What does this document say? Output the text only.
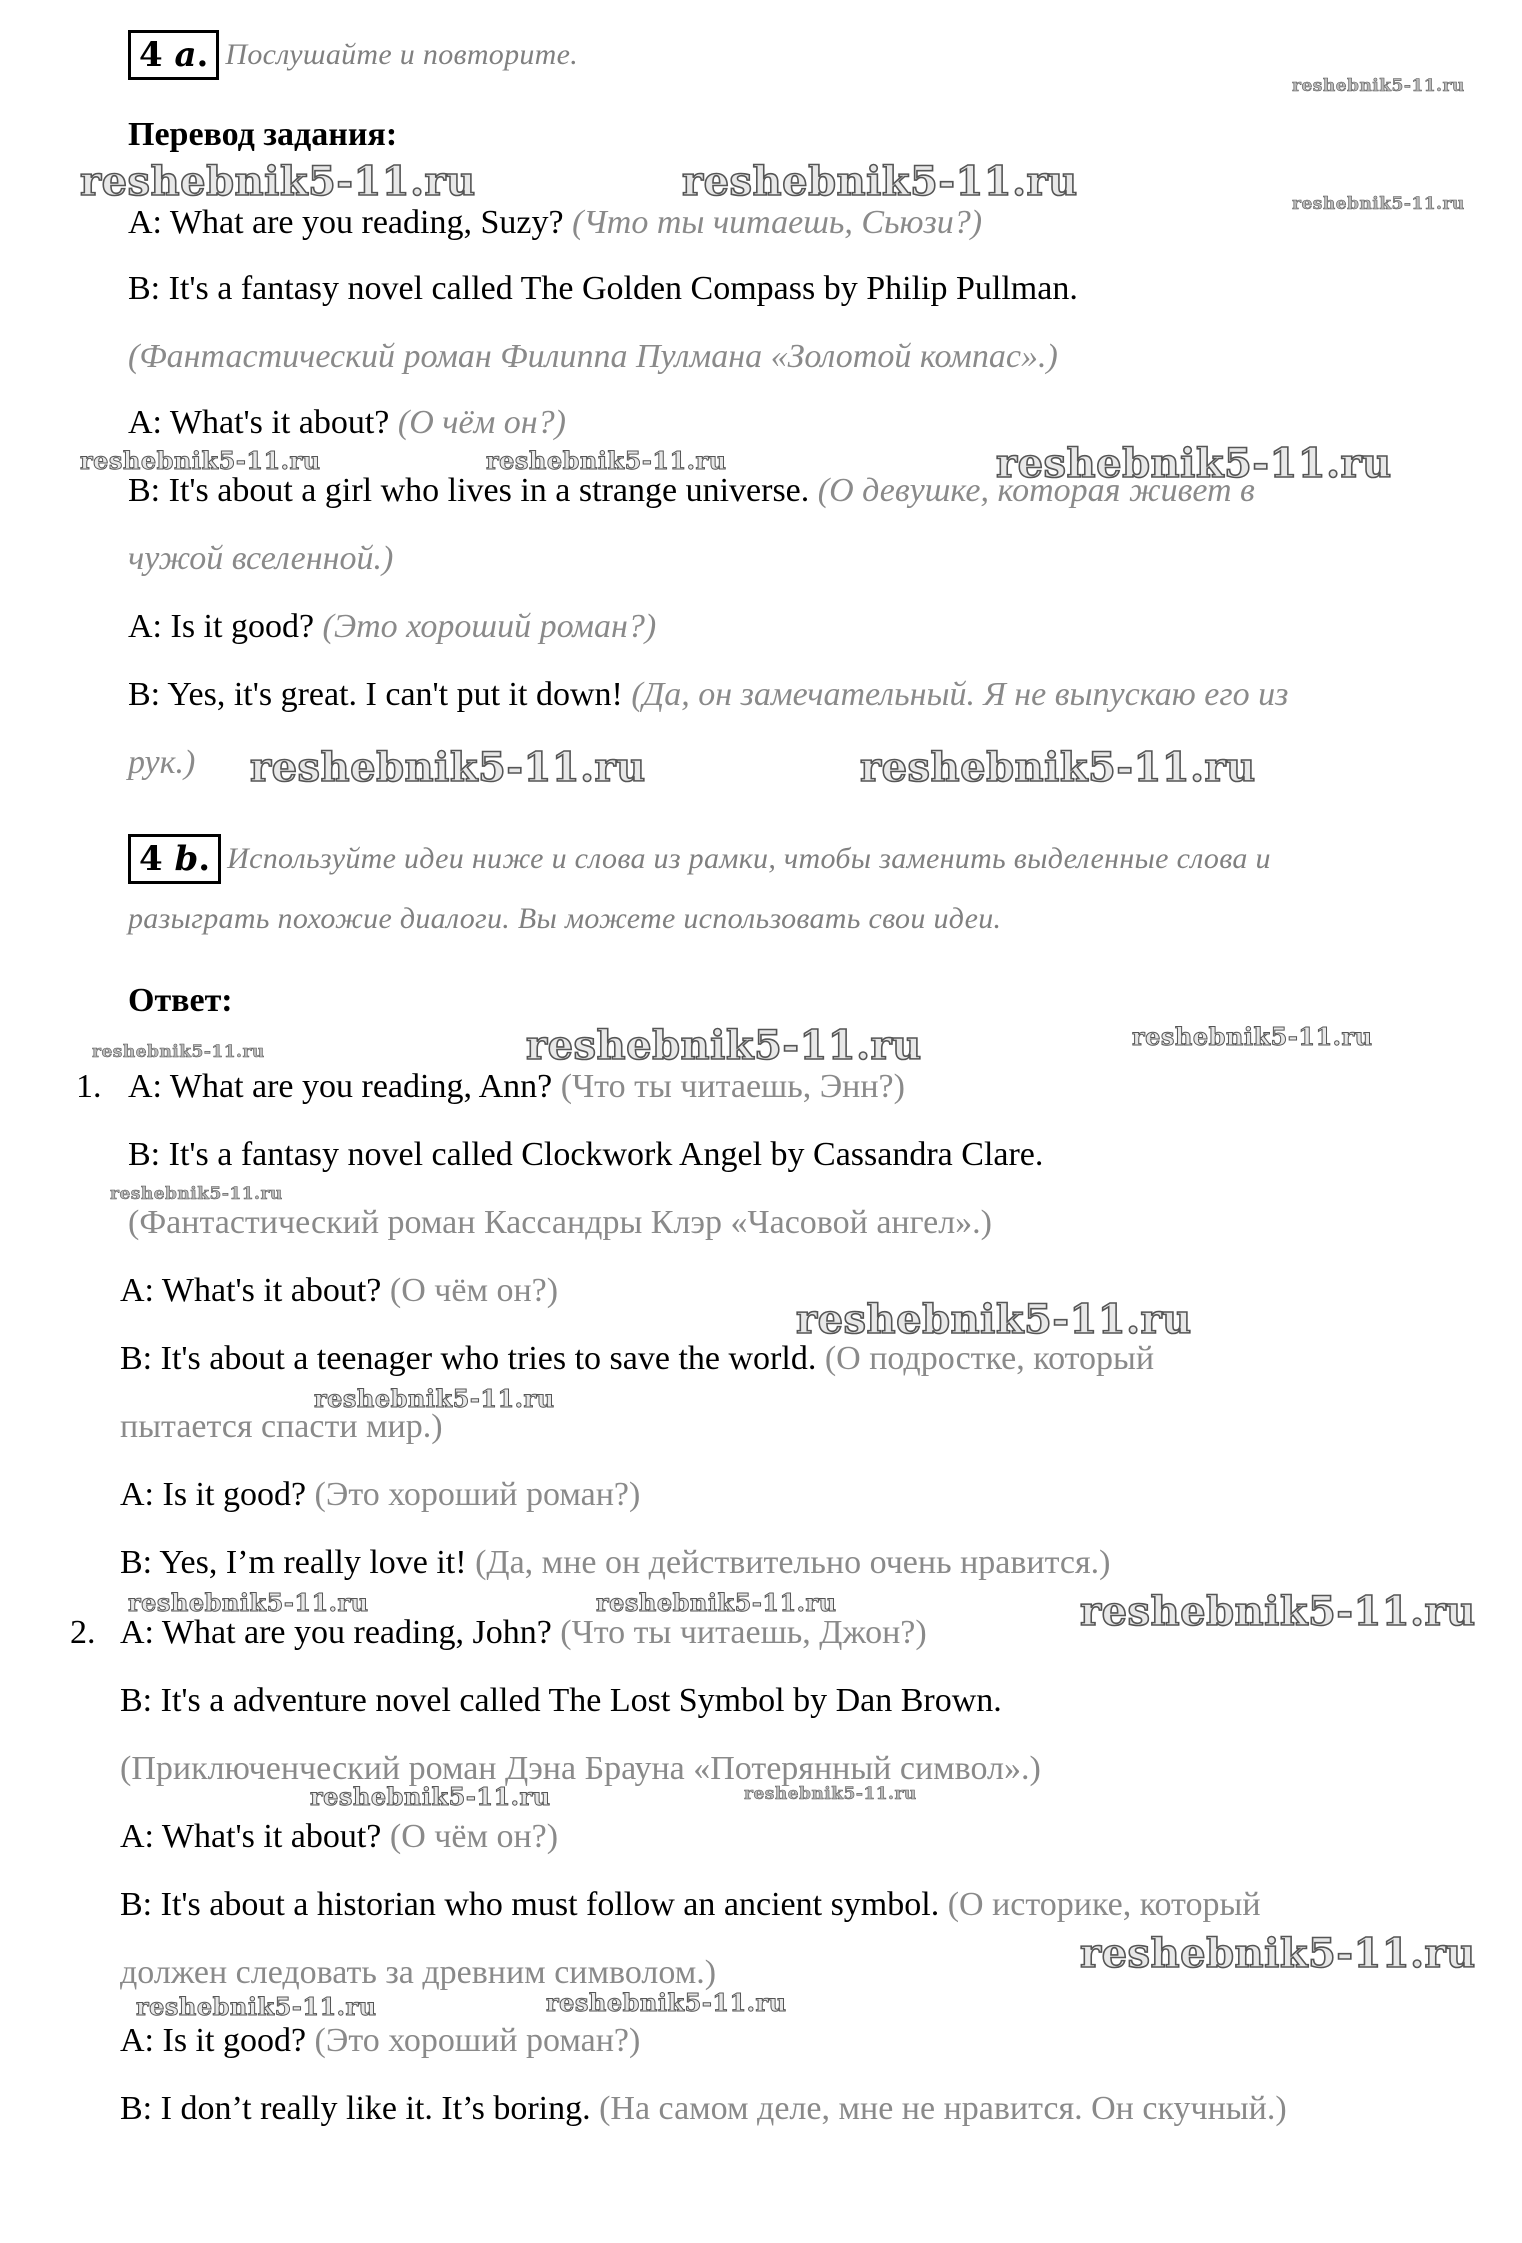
4 a. Послушайте и повторите.
Перевод задания:
A: What are you reading, Suzy? (Что ты читаешь, Сьюзи?)
B: It's a fantasy novel called The Golden Compass by Philip Pullman.
(Фантастический роман Филиппа Пулмана «Золотой компас».)
A: What's it about? (О чём он?)
B: It's about a girl who lives in a strange universe. (О девушке, которая живет в
чужой вселенной.)
A: Is it good? (Это хороший роман?)
B: Yes, it's great. I can't put it down! (Да, он замечательный. Я не выпускаю его из
рук.)
4 b. Используйте идеи ниже и слова из рамки, чтобы заменить выделенные слова и
разыграть похожие диалоги. Вы можете использовать свои идеи.
Ответ:
1. A: What are you reading, Ann? (Что ты читаешь, Энн?)
B: It's a fantasy novel called Clockwork Angel by Cassandra Clare.
(Фантастический роман Кассандры Клэр «Часовой ангел».)
A: What's it about? (О чём он?)
B: It's about a teenager who tries to save the world. (О подростке, который
пытается спасти мир.)
A: Is it good? (Это хороший роман?)
B: Yes, I’m really love it! (Да, мне он действительно очень нравится.)
2. A: What are you reading, John? (Что ты читаешь, Джон?)
B: It's a adventure novel called The Lost Symbol by Dan Brown.
(Приключенческий роман Дэна Брауна «Потерянный символ».)
A: What's it about? (О чём он?)
B: It's about a historian who must follow an ancient symbol. (О историке, который
должен следовать за древним символом.)
A: Is it good? (Это хороший роман?)
B: I don’t really like it. It’s boring. (На самом деле, мне не нравится. Он скучный.)
reshebnik5-11.ru
reshebnik5-11.ru	reshebnik5-11.ru	reshebnik5-11.ru
reshebnik5-11.ru	reshebnik5-11.ru	reshebnik5-11.ru
reshebnik5-11.ru	reshebnik5-11.ru
reshebnik5-11.ru	reshebnik5-11.ru	reshebnik5-11.ru
reshebnik5-11.ru
reshebnik5-11.ru
reshebnik5-11.ru
reshebnik5-11.ru	reshebnik5-11.ru	reshebnik5-11.ru
reshebnik5-11.ru	reshebnik5-11.ru
reshebnik5-11.ru
reshebnik5-11.ru	reshebnik5-11.ru
